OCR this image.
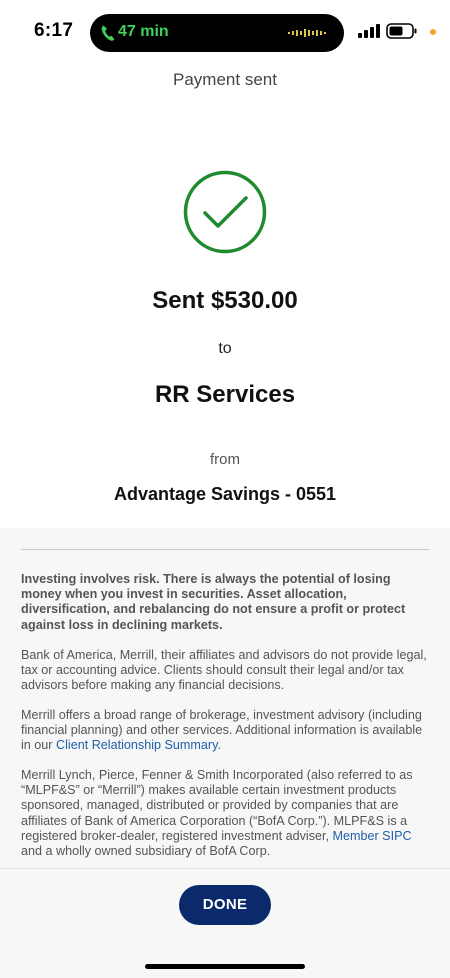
6:17	47 min
Payment sent
Sent $530.00
to
RR Services
from
Advantage Savings - 0551
Investing involves risk. There is always the potential of losing money when you invest in securities. Asset allocation, diversification, and rebalancing do not ensure a profit or protect against loss in declining markets.
Bank of America, Merrill, their affiliates and advisors do not provide legal, tax or accounting advice. Clients should consult their legal and/or tax advisors before making any financial decisions.
Merrill offers a broad range of brokerage, investment advisory (including financial planning) and other services. Additional information is available in our Client Relationship Summary.
Merrill Lynch, Pierce, Fenner & Smith Incorporated (also referred to as “MLPF&S” or “Merrill”) makes available certain investment products sponsored, managed, distributed or provided by companies that are affiliates of Bank of America Corporation (“BofA Corp.”). MLPF&S is a registered broker-dealer, registered investment adviser, Member SIPC and a wholly owned subsidiary of BofA Corp.
DONE
